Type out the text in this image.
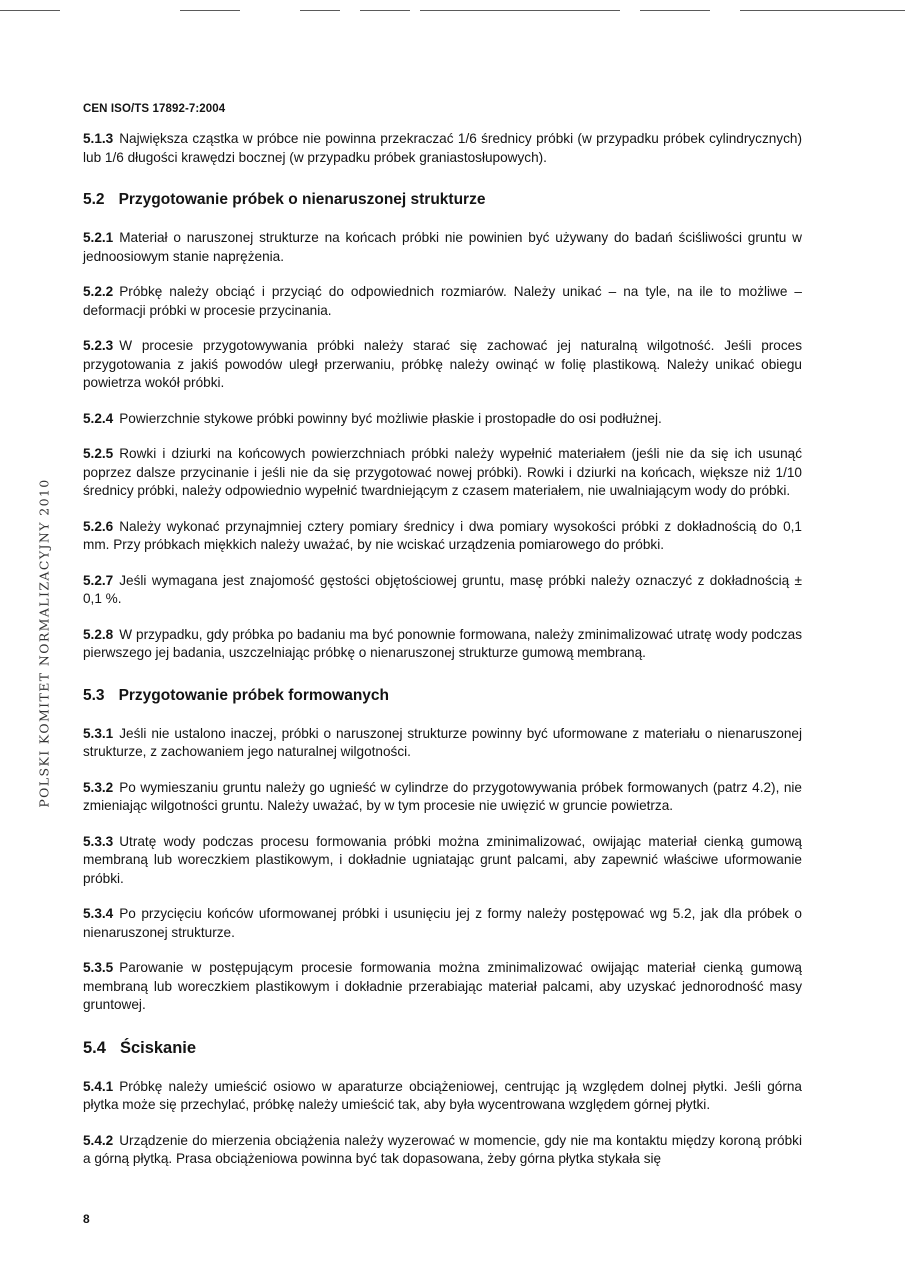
CEN ISO/TS 17892-7:2004
POLSKI KOMITET NORMALIZACYJNY 2010

5.1.3 Największa cząstka w próbce nie powinna przekraczać 1/6 średnicy próbki (w przypadku próbek cylindrycznych) lub 1/6 długości krawędzi bocznej (w przypadku próbek graniastosłupowych).

5.2 Przygotowanie próbek o nienaruszonej strukturze

5.2.1 Materiał o naruszonej strukturze na końcach próbki nie powinien być używany do badań ściśliwości gruntu w jednoosiowym stanie naprężenia.

5.2.2 Próbkę należy obciąć i przyciąć do odpowiednich rozmiarów. Należy unikać – na tyle, na ile to możliwe – deformacji próbki w procesie przycinania.

5.2.3 W procesie przygotowywania próbki należy starać się zachować jej naturalną wilgotność. Jeśli proces przygotowania z jakiś powodów uległ przerwaniu, próbkę należy owinąć w folię plastikową. Należy unikać obiegu powietrza wokół próbki.

5.2.4 Powierzchnie stykowe próbki powinny być możliwie płaskie i prostopadłe do osi podłużnej.

5.2.5 Rowki i dziurki na końcowych powierzchniach próbki należy wypełnić materiałem (jeśli nie da się ich usunąć poprzez dalsze przycinanie i jeśli nie da się przygotować nowej próbki). Rowki i dziurki na końcach, większe niż 1/10 średnicy próbki, należy odpowiednio wypełnić twardniejącym z czasem materiałem, nie uwalniającym wody do próbki.

5.2.6 Należy wykonać przynajmniej cztery pomiary średnicy i dwa pomiary wysokości próbki z dokładnością do 0,1 mm. Przy próbkach miękkich należy uważać, by nie wciskać urządzenia pomiarowego do próbki.

5.2.7 Jeśli wymagana jest znajomość gęstości objętościowej gruntu, masę próbki należy oznaczyć z dokładnością ± 0,1 %.

5.2.8 W przypadku, gdy próbka po badaniu ma być ponownie formowana, należy zminimalizować utratę wody podczas pierwszego jej badania, uszczelniając próbkę o nienaruszonej strukturze gumową membraną.

5.3 Przygotowanie próbek formowanych

5.3.1 Jeśli nie ustalono inaczej, próbki o naruszonej strukturze powinny być uformowane z materiału o nienaruszonej strukturze, z zachowaniem jego naturalnej wilgotności.

5.3.2 Po wymieszaniu gruntu należy go ugnieść w cylindrze do przygotowywania próbek formowanych (patrz 4.2), nie zmieniając wilgotności gruntu. Należy uważać, by w tym procesie nie uwięzić w gruncie powietrza.

5.3.3 Utratę wody podczas procesu formowania próbki można zminimalizować, owijając materiał cienką gumową membraną lub woreczkiem plastikowym, i dokładnie ugniatając grunt palcami, aby zapewnić właściwe uformowanie próbki.

5.3.4 Po przycięciu końców uformowanej próbki i usunięciu jej z formy należy postępować wg 5.2, jak dla próbek o nienaruszonej strukturze.

5.3.5 Parowanie w postępującym procesie formowania można zminimalizować owijając materiał cienką gumową membraną lub woreczkiem plastikowym i dokładnie przerabiając materiał palcami, aby uzyskać jednorodność masy gruntowej.

5.4 Ściskanie

5.4.1 Próbkę należy umieścić osiowo w aparaturze obciążeniowej, centrując ją względem dolnej płytki. Jeśli górna płytka może się przechylać, próbkę należy umieścić tak, aby była wycentrowana względem górnej płytki.

5.4.2 Urządzenie do mierzenia obciążenia należy wyzerować w momencie, gdy nie ma kontaktu między koroną próbki a górną płytką. Prasa obciążeniowa powinna być tak dopasowana, żeby górna płytka stykała się

8
